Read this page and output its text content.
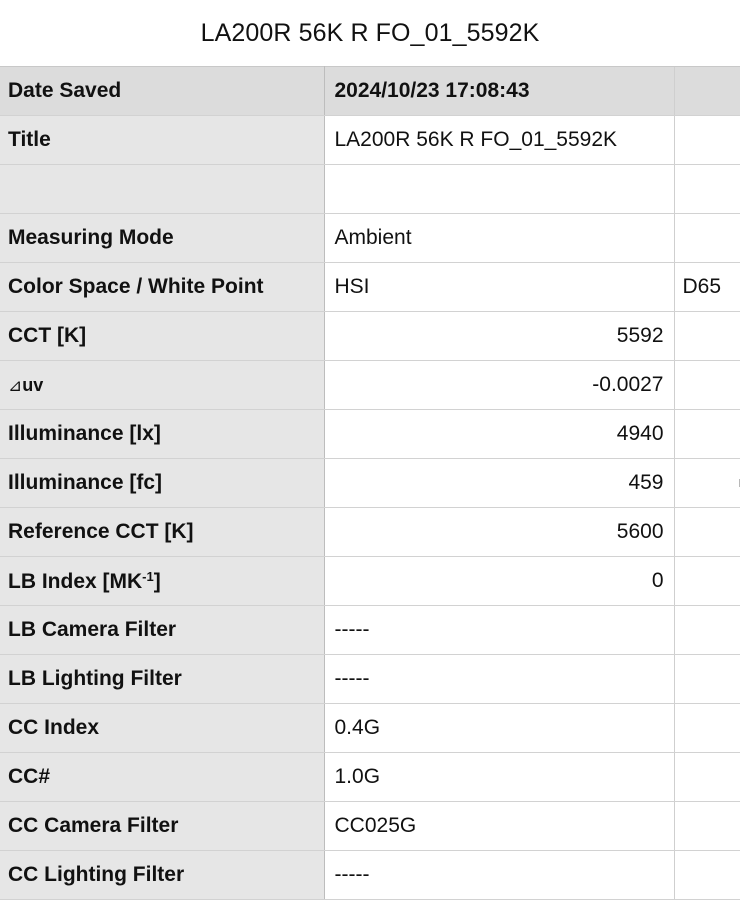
LA200R 56K R FO_01_5592K
Date Saved	2024/10/23 17:08:43	
Title	LA200R 56K R FO_01_5592K	

Measuring Mode	Ambient	
Color Space / White Point	HSI	D65
CCT [K]	5592	
⊿uv	-0.0027	
Illuminance [lx]	4940	
Illuminance [fc]	459	
Reference CCT [K]	5600	
LB Index $[MK^{-1}]$	0	
LB Camera Filter	-----	
LB Lighting Filter	-----	
CC Index	0.4G	
CC#	1.0G	
CC Camera Filter	CC025G	
CC Lighting Filter	-----	
